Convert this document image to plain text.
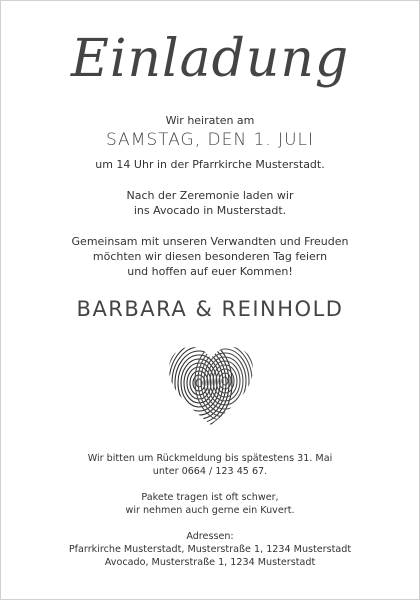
Einladung
Wir heiraten am
SAMSTAG, DEN 1. JULI
um 14 Uhr in der Pfarrkirche Musterstadt.
Nach der Zeremonie laden wir
ins Avocado in Musterstadt.
Gemeinsam mit unseren Verwandten und Freuden
möchten wir diesen besonderen Tag feiern
und hoffen auf euer Kommen!
BARBARA & REINHOLD
Wir bitten um Rückmeldung bis spätestens 31. Mai
unter 0664 / 123 45 67.
Pakete tragen ist oft schwer,
wir nehmen auch gerne ein Kuvert.
Adressen:
Pfarrkirche Musterstadt, Musterstraße 1, 1234 Musterstadt
Avocado, Musterstraße 1, 1234 Musterstadt
